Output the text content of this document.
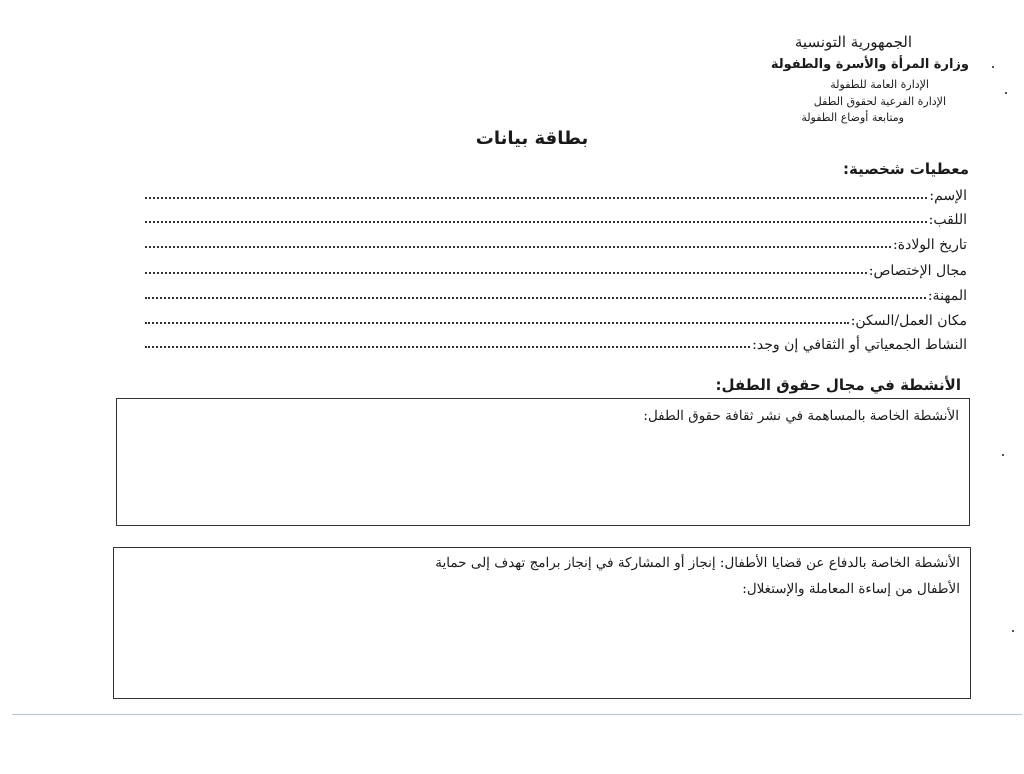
الجمهورية التونسية
وزارة المرأة والأسرة والطفولة
الإدارة العامة للطفولة
الإدارة الفرعية لحقوق الطفل
ومتابعة أوضاع الطفولة
بطاقة بيانات
معطيات شخصية:
الإسم:
اللقب:
تاريخ الولادة:
مجال الإختصاص:
المهنة:
مكان العمل/السكن:
النشاط الجمعياتي أو الثقافي إن وجد:
الأنشطة في مجال حقوق الطفل:
الأنشطة الخاصة بالمساهمة في نشر ثقافة حقوق الطفل:
الأنشطة الخاصة بالدفاع عن قضايا الأطفال: إنجاز أو المشاركة في إنجاز برامج تهدف إلى حماية
الأطفال من إساءة المعاملة والإستغلال:
